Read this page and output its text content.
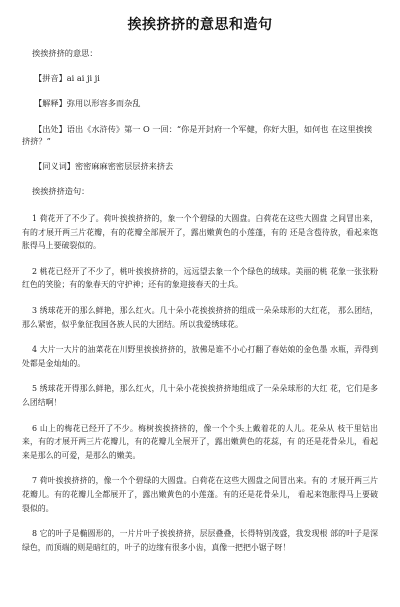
挨挨挤挤的意思和造句
挨挨挤挤的意思：
【拼音】ai ai ji ji
【解释】弥用以形容多而杂乱
【出处】语出《水浒传》第一 O 一回：“你是开封府一个军健，你好大胆，如何也 在这里挨挨挤挤？”
【同义词】密密麻麻密密层层挤来挤去
挨挨挤挤造句：

1 荷花开了不少了。荷叶挨挨挤挤的，象一个个碧绿的大圆盘。白荷花在这些大圆盘 之间冒出来，有的才展开两三片花瓣，有的花瓣全部展开了，露出嫩黄色的小莲蓬，有的 还是含苞待放，看起来饱胀得马上要破裂似的。

2 桃花已经开了不少了，桃叶挨挨挤挤的，远远望去象一个个绿色的绒球。美丽的桃 花象一张张粉红色的笑脸；有的象春天的守护神；还有的象迎接春天的士兵。

3 绣球花开的那么鲜艳，那么红火。几十朵小花挨挨挤挤的组成一朵朵球形的大红花， 那么团结，那么紧密，似乎象征我国各族人民的大团结。所以我爱绣球花。

4 大片一大片的油菜花在川野里挨挨挤挤的，放佛是谁不小心打翻了春姑娘的金色墨 水瓶，弄得到处都是金灿灿的。

5 绣球花开得那么鲜艳，那么红火，几十朵小花挨挨挤挤地组成了一朵朵球形的大红 花，它们是多么团结啊！

6 山上的梅花已经开了不少。梅树挨挨挤挤的，像一个个头上戴着花的人儿。花朵从 枝干里钻出来，有的才展开两三片花瓣儿，有的花瓣儿全展开了，露出嫩黄色的花蕊，有 的还是花骨朵儿，看起来是那么的可爱，是那么的嫩美。

7 荷叶挨挨挤挤的，像一个个碧绿的大圆盘。白荷花在这些大圆盘之间冒出来。有的 才展开两三片花瓣儿。有的花瓣儿全都展开了，露出嫩黄色的小莲蓬。有的还是花骨朵儿， 看起来饱胀得马上要破裂似的。

8 它的叶子是椭圆形的，一片片叶子挨挨挤挤，层层叠叠，长得特别茂盛，我发现根 部的叶子是深绿色，而顶端的则是暗红的，叶子的边缘有很多小齿，真像一把把小锯子呀！
